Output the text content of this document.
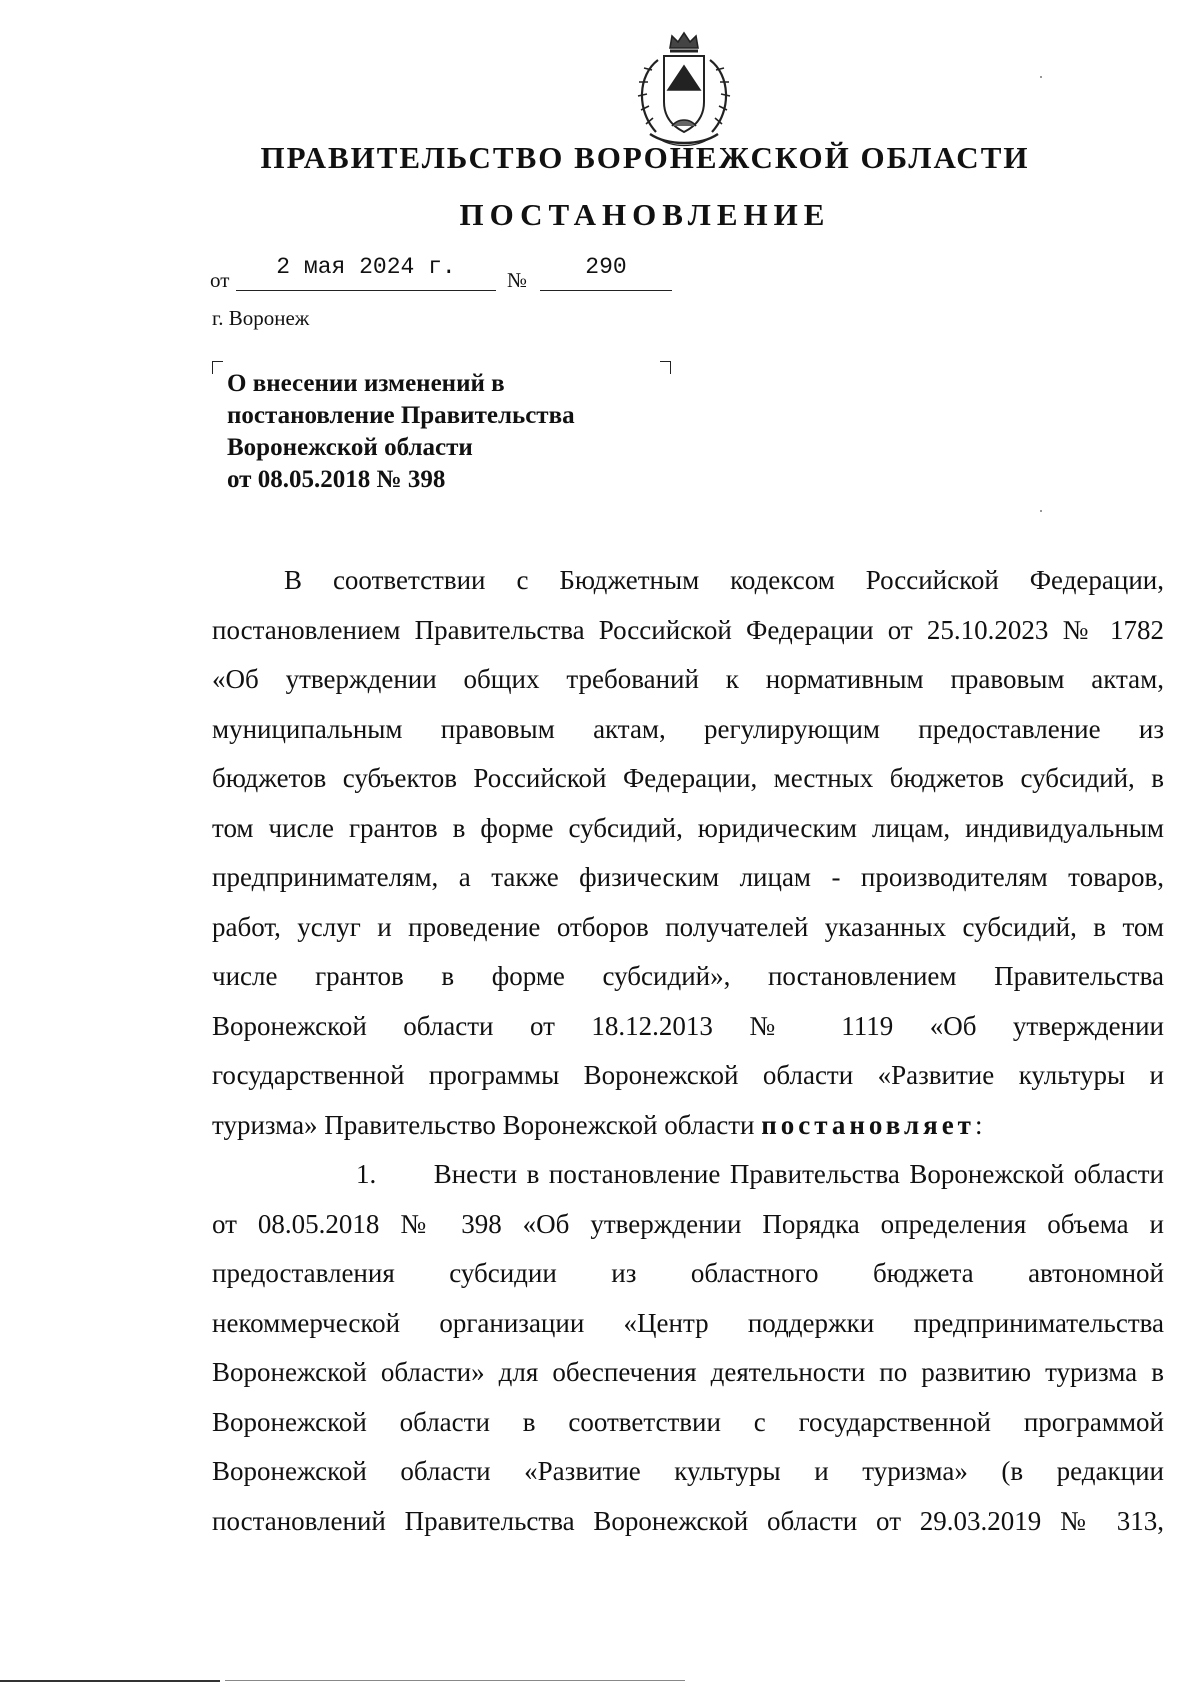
ПРАВИТЕЛЬСТВО ВОРОНЕЖСКОЙ ОБЛАСТИ
ПОСТАНОВЛЕНИЕ
от	2 мая 2024 г.	№	290
г. Воронеж
О внесении изменений в
постановление Правительства
Воронежской области
от 08.05.2018 № 398
В соответствии с Бюджетным кодексом Российской Федерации,
постановлением Правительства Российской Федерации от 25.10.2023 № 1782
«Об утверждении общих требований к нормативным правовым актам,
муниципальным правовым актам, регулирующим предоставление из
бюджетов субъектов Российской Федерации, местных бюджетов субсидий, в
том числе грантов в форме субсидий, юридическим лицам, индивидуальным
предпринимателям, а также физическим лицам - производителям товаров,
работ, услуг и проведение отборов получателей указанных субсидий, в том
числе грантов в форме субсидий», постановлением Правительства
Воронежской области от 18.12.2013 № 1119 «Об утверждении
государственной программы Воронежской области «Развитие культуры и
туризма» Правительство Воронежской области постановляет:
1. Внести в постановление Правительства Воронежской области
от 08.05.2018 № 398 «Об утверждении Порядка определения объема и
предоставления субсидии из областного бюджета автономной
некоммерческой организации «Центр поддержки предпринимательства
Воронежской области» для обеспечения деятельности по развитию туризма в
Воронежской области в соответствии с государственной программой
Воронежской области «Развитие культуры и туризма» (в редакции
постановлений Правительства Воронежской области от 29.03.2019 № 313,
